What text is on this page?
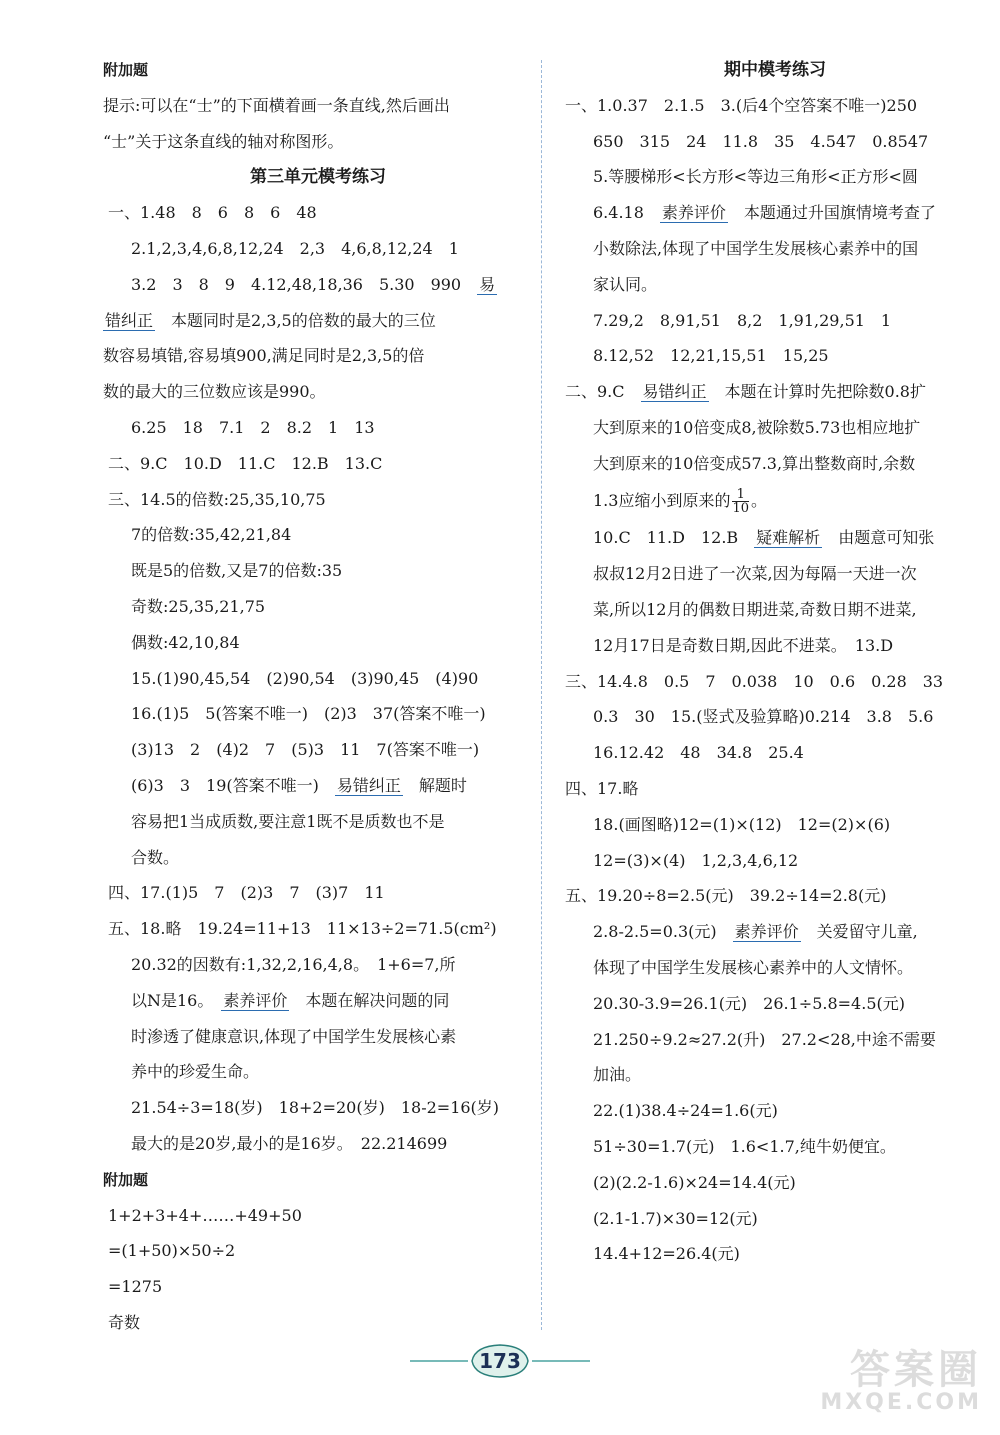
附加题
提示:可以在“士”的下面横着画一条直线,然后画出
“士”关于这条直线的轴对称图形。
第三单元模考练习
一、1.48　8　6　8　6　48
2.1,2,3,4,6,8,12,24　2,3　4,6,8,12,24　1
3.2　3　8　9　4.12,48,18,36　5.30　990　 易
错纠正　本题同时是2,3,5的倍数的最大的三位
数容易填错,容易填900,满足同时是2,3,5的倍
数的最大的三位数应该是990。
6.25　18　7.1　2　8.2　1　13
二、9.C　10.D　11.C　12.B　13.C
三、14.5的倍数:25,35,10,75
7的倍数:35,42,21,84
既是5的倍数,又是7的倍数:35
奇数:25,35,21,75
偶数:42,10,84
15.(1)90,45,54　(2)90,54　(3)90,45　(4)90
16.(1)5　5(答案不唯一)　(2)3　37(答案不唯一)
(3)13　2　(4)2　7　(5)3　11　7(答案不唯一)
(6)3　3　19(答案不唯一)　易错纠正　解题时
容易把1当成质数,要注意1既不是质数也不是
合数。
四、17.(1)5　7　(2)3　7　(3)7　11
五、18.略　19.24=11+13　11×13÷2=71.5(cm²)
20.32的因数有:1,32,2,16,4,8。　1+6=7,所
以N是16。　素养评价　本题在解决问题的同
时渗透了健康意识,体现了中国学生发展核心素
养中的珍爱生命。
21.54÷3=18(岁)　18+2=20(岁)　18-2=16(岁)
最大的是20岁,最小的是16岁。　22.214699
附加题
1+2+3+4+……+49+50
=(1+50)×50÷2
=1275
奇数
期中模考练习
一、1.0.37　2.1.5　3.(后4个空答案不唯一)250
650　315　24　11.8　35　4.547　0.8547
5.等腰梯形<长方形<等边三角形<正方形<圆
6.4.18　素养评价　本题通过升国旗情境考查了
小数除法,体现了中国学生发展核心素养中的国
家认同。
7.29,2　8,91,51　8,2　1,91,29,51　1
8.12,52　12,21,15,51　15,25
二、9.C　易错纠正　本题在计算时先把除数0.8扩
大到原来的10倍变成8,被除数5.73也相应地扩
大到原来的10倍变成57.3,算出整数商时,余数
1.3应缩小到原来的 $\frac{1}{10}$ 。
10.C　11.D　12.B　疑难解析　由题意可知张
叔叔12月2日进了一次菜,因为每隔一天进一次
菜,所以12月的偶数日期进菜,奇数日期不进菜,
12月17日是奇数日期,因此不进菜。　13.D
三、14.4.8　0.5　7　0.038　10　0.6　0.28　33
0.3　30　15.(竖式及验算略)0.214　3.8　5.6
16.12.42　48　34.8　25.4
四、17.略
18.(画图略)12=(1)×(12)　12=(2)×(6)
12=(3)×(4)　1,2,3,4,6,12
五、19.20÷8=2.5(元)　39.2÷14=2.8(元)
2.8-2.5=0.3(元)　素养评价　关爱留守儿童,
体现了中国学生发展核心素养中的人文情怀。
20.30-3.9=26.1(元)　26.1÷5.8=4.5(元)
21.250÷9.2≈27.2(升)　27.2<28,中途不需要
加油。
22.(1)38.4÷24=1.6(元)
51÷30=1.7(元)　1.6<1.7,纯牛奶便宜。
(2)(2.2-1.6)×24=14.4(元)
(2.1-1.7)×30=12(元)
14.4+12=26.4(元)
173	答案圈
MXQE.COM
